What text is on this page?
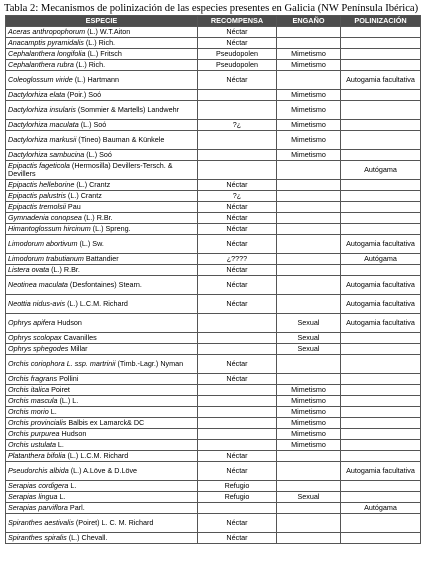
Tabla 2: Mecanismos de polinización de las especies presentes en Galicia (NW Península Ibérica)
ESPECIE	RECOMPENSA	ENGAÑO	POLINIZACIÓN
Aceras anthropophorum (L.) W.T.Aiton	Néctar		
Anacamptis pyramidalis (L.) Rich.	Néctar		
Cephalanthera longifolia (L.) Fritsch	Pseudopolen	Mimetismo	
Cephalanthera rubra (L.) Rich.	Pseudopolen	Mimetismo	
Coleoglossum viride (L.) Hartmann	Néctar		Autogamia facultativa
Dactylorhiza elata (Poir.) Soó		Mimetismo	
Dactylorhiza insularis (Sommier & Martells) Landwehr		Mimetismo	
Dactylorhiza maculata (L.) Soó	?¿	Mimetismo	
Dactylorhiza markusii (Tineo) Bauman & Künkele		Mimetismo	
Dactylorhiza sambucina (L.) Soó		Mimetismo	
Epipactis fageticola (Hermosilla) Devillers-Tersch. & Devillers			Autógama
Epipactis helleborine (L.) Crantz	Néctar		
Epipactis palustris (L.) Crantz	?¿		
Epipactis tremolsii Pau	Néctar		
Gymnadenia conopsea (L.) R.Br.	Néctar		
Himantoglossum hircinum (L.) Spreng.	Néctar		
Limodorum abortivum (L.) Sw.	Néctar		Autogamia facultativa
Limodorum trabutianum Battandier	¿????		Autógama
Listera ovata (L.) R.Br.	Néctar		
Neotinea maculata (Desfontaines) Stearn.	Néctar		Autogamia facultativa
Neottia nidus-avis (L.) L.C.M. Richard	Néctar		Autogamia facultativa
Ophrys apifera Hudson		Sexual	Autogamia facultativa
Ophrys scolopax Cavanilles		Sexual	
Ophrys sphegodes Millar		Sexual	
Orchis coriophora L. ssp. martrinii (Timb.-Lagr.) Nyman	Néctar		
Orchis fragrans Pollini	Néctar		
Orchis italica Poiret		Mimetismo	
Orchis mascula (L.) L.		Mimetismo	
Orchis morio L.		Mimetismo	
Orchis provincialis Balbis ex Lamarck& DC		Mimetismo	
Orchis purpurea Hudson		Mimetismo	
Orchis ustulata L.		Mimetismo	
Platanthera bifolia (L.) L.C.M. Richard	Néctar		
Pseudorchis albida (L.) A.Löve & D.Löve	Néctar		Autogamia facultativa
Serapias cordigera L.	Refugio		
Serapias lingua L.	Refugio	Sexual	
Serapias parviflora Parl.			Autógama
Spiranthes aestivalis (Poiret) L. C. M. Richard	Néctar		
Spiranthes spiralis (L.) Chevall.	Néctar		
